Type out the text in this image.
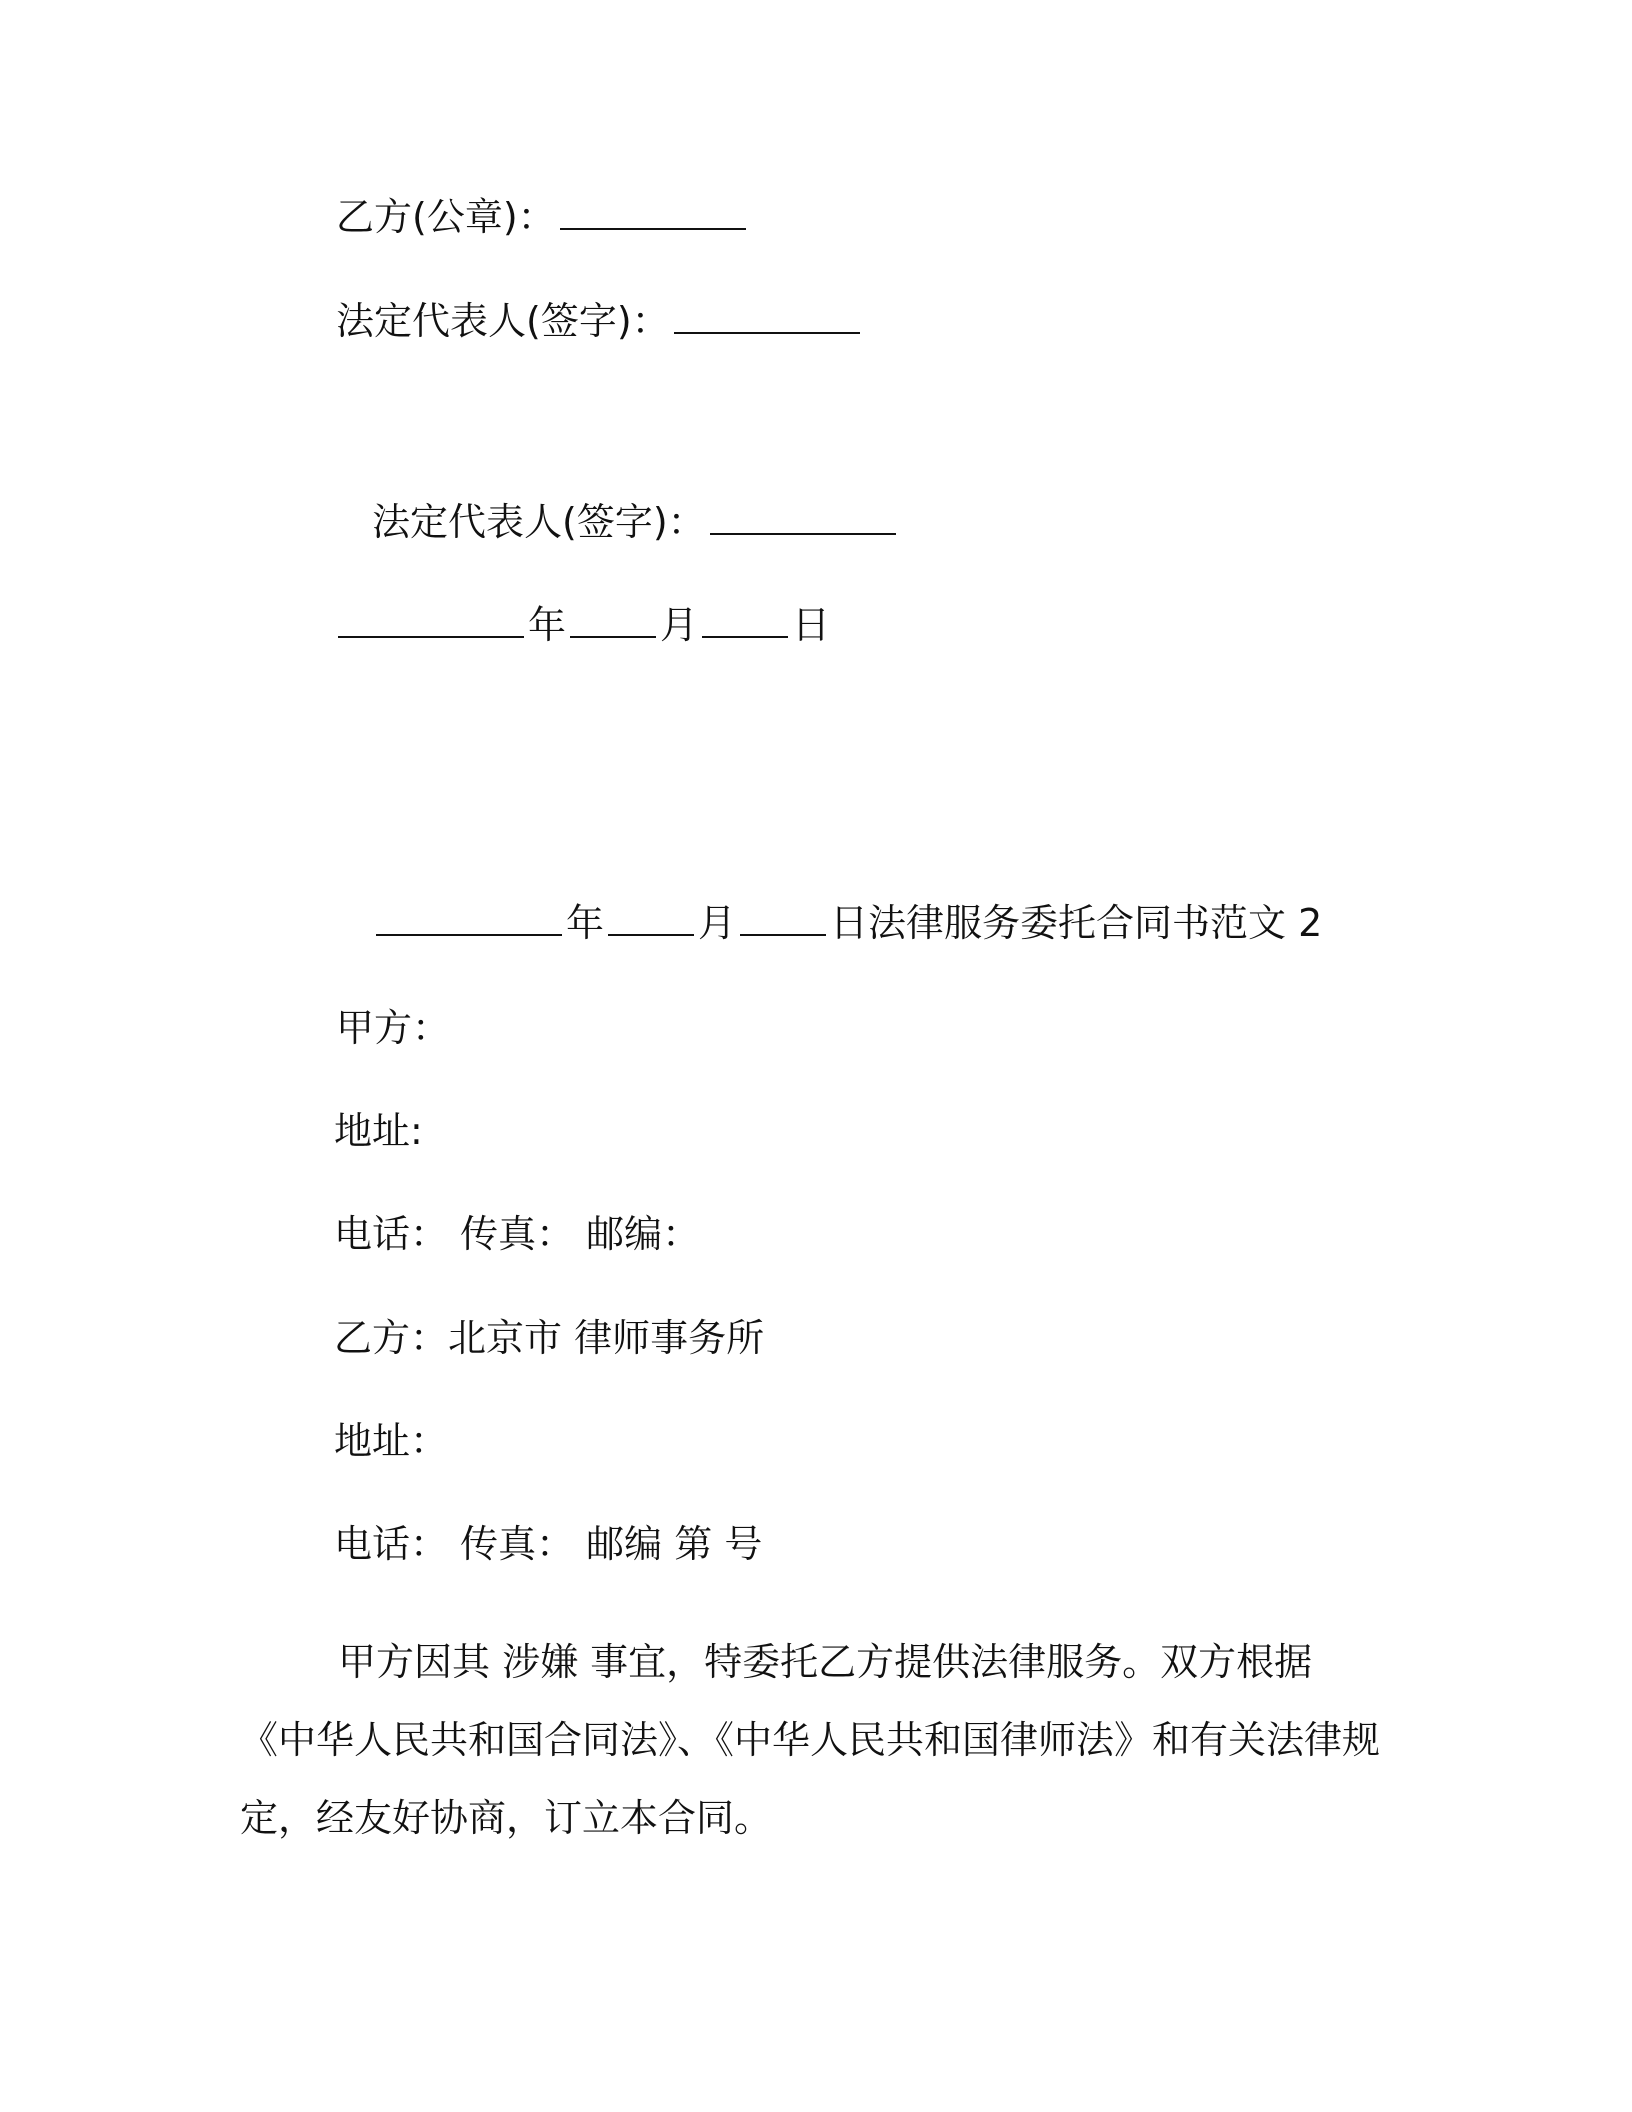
乙方(公章)：
法定代表人(签字)：
法定代表人(签字)：
年 月 日
年 月 日法律服务委托合同书范文 2
甲方：
地址:
电话： 传真： 邮编：
乙方：北京市 律师事务所
地址：
电话： 传真： 邮编 第 号
甲方因其 涉嫌 事宜，特委托乙方提供法律服务。双方根据《中华人民共和国合同法》、《中华人民共和国律师法》和有关法律规定，经友好协商，订立本合同。
